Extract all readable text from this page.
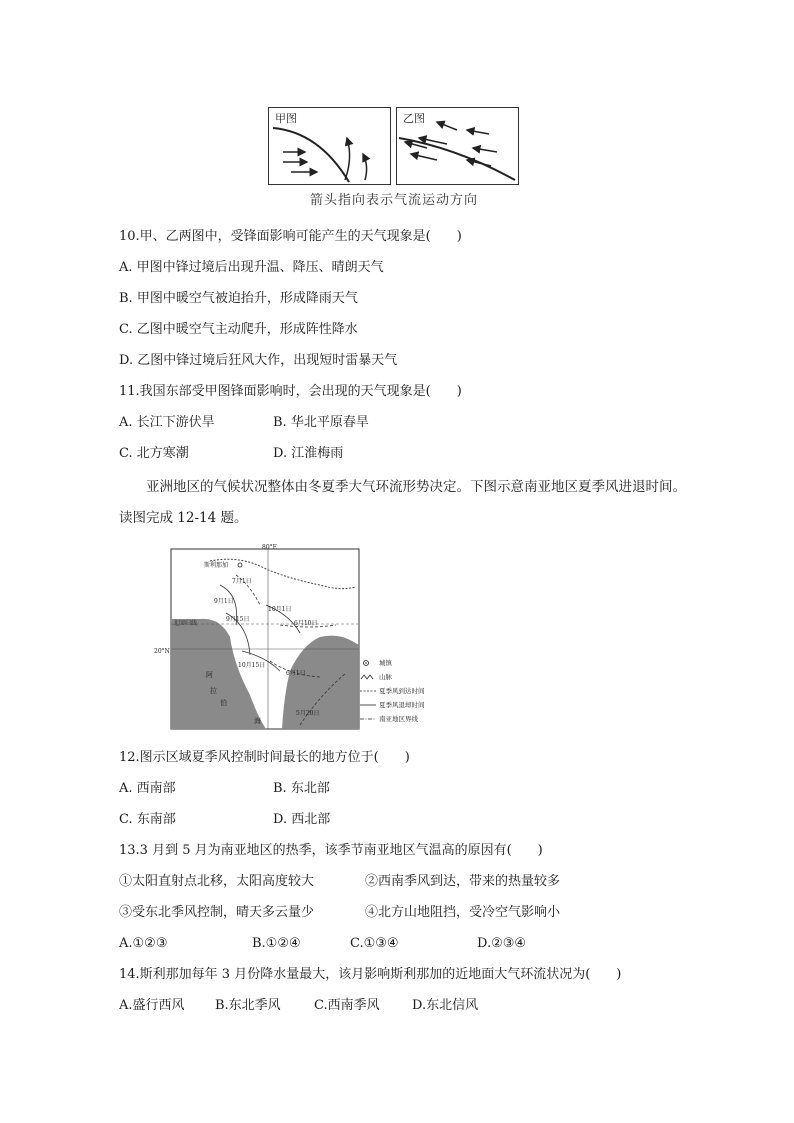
甲图	乙图
箭头指向表示气流运动方向
10.甲、乙两图中，受锋面影响可能产生的天气现象是(　　)
A. 甲图中锋过境后出现升温、降压、晴朗天气
B. 甲图中暖空气被迫抬升，形成降雨天气
C. 乙图中暖空气主动爬升，形成阵性降水
D. 乙图中锋过境后狂风大作，出现短时雷暴天气
11.我国东部受甲图锋面影响时，会出现的天气现象是(　　)
A. 长江下游伏旱	B. 华北平原春旱
C. 北方寒潮	D. 江淮梅雨
亚洲地区的气候状况整体由冬夏季大气环流形势决定。下图示意南亚地区夏季风进退时间。读图完成 12-14 题。
80°E
20°N
北回归线
斯利那加
7月1日
9月1日
9月15日
10月1日
6月10日
10月15日
6月1日
5月20日
阿
拉
伯
海
城镇
山脉
夏季风到达时间
夏季风退却时间
南亚地区界线
12.图示区域夏季风控制时间最长的地方位于(　　)
A. 西南部	B. 东北部
C. 东南部	D. 西北部
13.3 月到 5 月为南亚地区的热季，该季节南亚地区气温高的原因有(　　)
①太阳直射点北移，太阳高度较大	②西南季风到达，带来的热量较多
③受东北季风控制，晴天多云量少	④北方山地阻挡，受冷空气影响小
A.①②③	B.①②④	C.①③④	D.②③④
14.斯利那加每年 3 月份降水量最大，该月影响斯利那加的近地面大气环流状况为(　　)
A.盛行西风 B.东北季风	C.西南季风 D.东北信风
